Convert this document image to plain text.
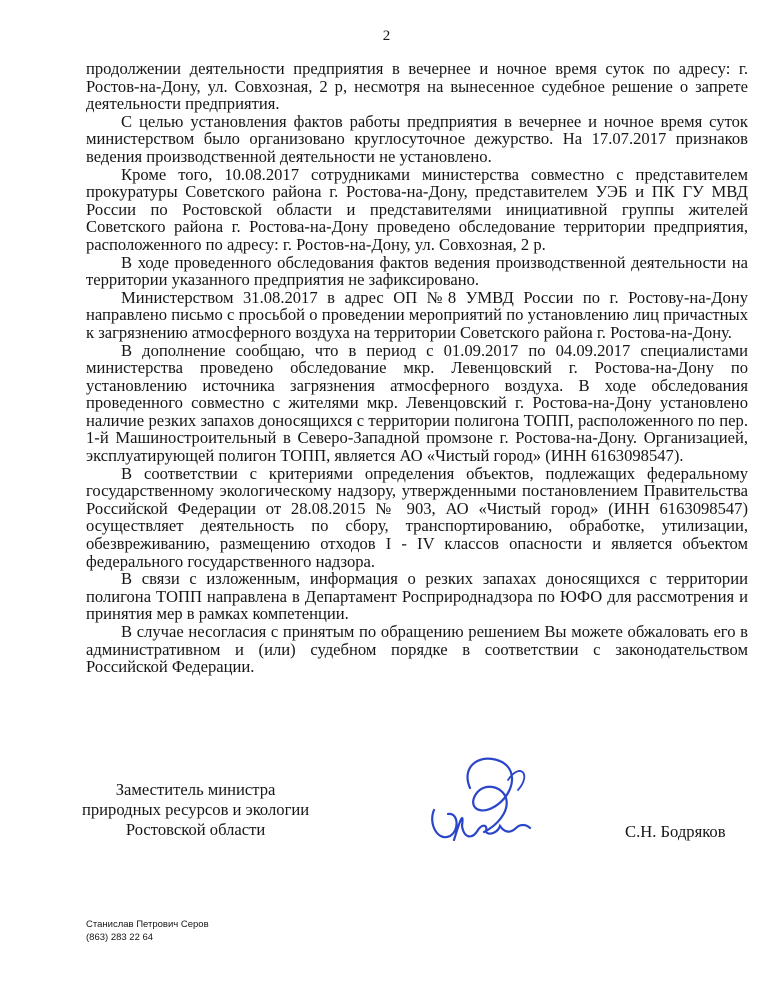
2

продолжении деятельности предприятия в вечернее и ночное время суток по адресу: г. Ростов-на-Дону, ул. Совхозная, 2 р, несмотря на вынесенное судебное решение о запрете деятельности предприятия.

С целью установления фактов работы предприятия в вечернее и ночное время суток министерством было организовано круглосуточное дежурство. На 17.07.2017 признаков ведения производственной деятельности не установлено.

Кроме того, 10.08.2017 сотрудниками министерства совместно с представителем прокуратуры Советского района г. Ростова-на-Дону, представителем УЭБ и ПК ГУ МВД России по Ростовской области и представителями инициативной группы жителей Советского района г. Ростова-на-Дону проведено обследование территории предприятия, расположенного по адресу: г. Ростов-на-Дону, ул. Совхозная, 2 р.

В ходе проведенного обследования фактов ведения производственной деятельности на территории указанного предприятия не зафиксировано.

Министерством 31.08.2017 в адрес ОП №8 УМВД России по г. Ростову-на-Дону направлено письмо с просьбой о проведении мероприятий по установлению лиц причастных к загрязнению атмосферного воздуха на территории Советского района г. Ростова-на-Дону.

В дополнение сообщаю, что в период с 01.09.2017 по 04.09.2017 специалистами министерства проведено обследование мкр. Левенцовский г. Ростова-на-Дону по установлению источника загрязнения атмосферного воздуха. В ходе обследования проведенного совместно с жителями мкр. Левенцовский г. Ростова-на-Дону установлено наличие резких запахов доносящихся с территории полигона ТОПП, расположенного по пер. 1-й Машиностроительный в Северо-Западной промзоне г. Ростова-на-Дону. Организацией, эксплуатирующей полигон ТОПП, является АО «Чистый город» (ИНН 6163098547).

В соответствии с критериями определения объектов, подлежащих федеральному государственному экологическому надзору, утвержденными постановлением Правительства Российской Федерации от 28.08.2015 № 903, АО «Чистый город» (ИНН 6163098547) осуществляет деятельность по сбору, транспортированию, обработке, утилизации, обезвреживанию, размещению отходов I - IV классов опасности и является объектом федерального государственного надзора.

В связи с изложенным, информация о резких запахах доносящихся с территории полигона ТОПП направлена в Департамент Росприроднадзора по ЮФО для рассмотрения и принятия мер в рамках компетенции.

В случае несогласия с принятым по обращению решением Вы можете обжаловать его в административном и (или) судебном порядке в соответствии с законодательством Российской Федерации.

Заместитель министра
природных ресурсов и экологии
Ростовской области	С.Н. Бодряков
Станислав Петрович Серов
(863) 283 22 64
